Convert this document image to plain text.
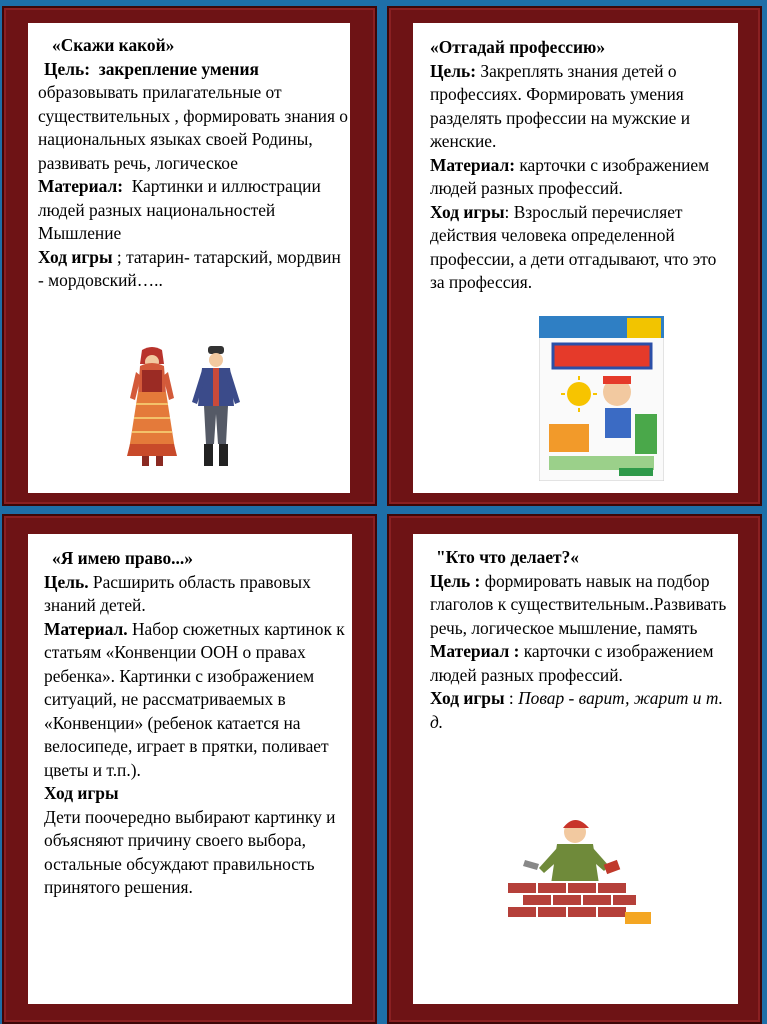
«Скажи какой»

Цель: закрепление умения

образовывать прилагательные от существительных , формировать знания о национальных языках своей Родины, развивать речь, логическое

Материал: Картинки и иллюстрации людей разных национальностей

Мышление

Ход игры ; татарин- татарский, мордвин - мордовский…..

«Отгадай профессию»

Цель: Закреплять знания детей о профессиях. Формировать умения разделять профессии на мужские и женские.

Материал: карточки с изображением людей разных профессий.

Ход игры: Взрослый перечисляет действия человека определенной профессии, а дети отгадывают, что это за профессия.

«Я имею право...»

Цель. Расширить область правовых знаний детей.

Материал. Набор сюжетных картинок к статьям «Конвенции ООН о правах ребенка». Картинки с изображением ситуаций, не рассматриваемых в «Конвенции» (ребенок катается на велосипеде, играет в прятки, поливает цветы и т.п.).

Ход игры

Дети поочередно выбирают картинку и объясняют причину своего выбора, остальные обсуждают правильность принятого решения.

"Кто что делает?«

Цель : формировать навык на подбор глаголов к существительным..Развивать речь, логическое мышление, память

Материал : карточки с изображением людей разных профессий.

Ход игры : Повар - варит, жарит и т. д.
